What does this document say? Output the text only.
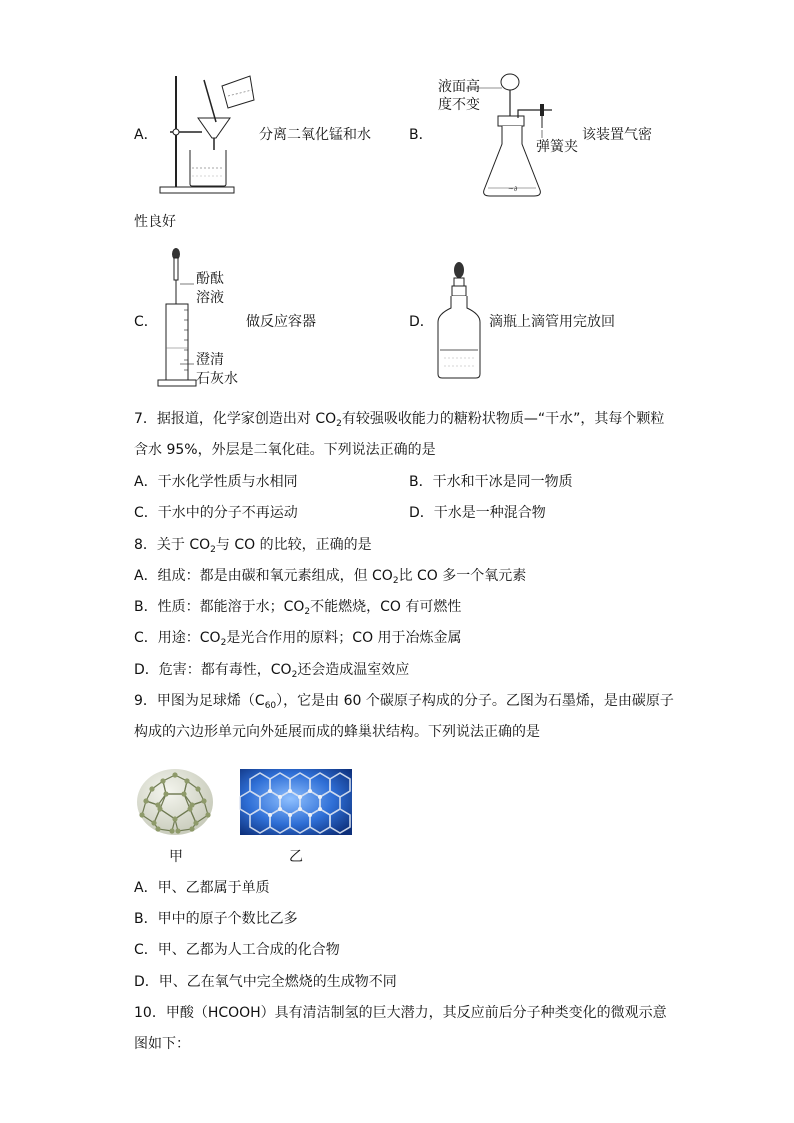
A．	分离二氧化锰和水	B．
液面高
度不变
~∂
弹簧夹
该装置气密
性良好
C．
酚酞
溶液
澄清
石灰水
做反应容器	D．	滴瓶上滴管用完放回
7．据报道，化学家创造出对 $CO_2$有较强吸收能力的糖粉状物质—“干水”，其每个颗粒
含水 95%，外层是二氧化硅。下列说法正确的是
A．干水化学性质与水相同	B．干水和干冰是同一物质
C．干水中的分子不再运动	D．干水是一种混合物
8．关于 $CO_2$与 CO 的比较，正确的是
A．组成：都是由碳和氧元素组成，但 $CO_2$比 CO 多一个氧元素
B．性质：都能溶于水；$CO_2$不能燃烧，CO 有可燃性
C．用途：$CO_2$是光合作用的原料；CO 用于冶炼金属
D．危害：都有毒性，$CO_2$还会造成温室效应
9．甲图为足球烯$(C_{60})$，它是由 60 个碳原子构成的分子。乙图为石墨烯，是由碳原子
构成的六边形单元向外延展而成的蜂巢状结构。下列说法正确的是
甲	乙
A．甲、乙都属于单质
B．甲中的原子个数比乙多
C．甲、乙都为人工合成的化合物
D．甲、乙在氧气中完全燃烧的生成物不同
10．甲酸（HCOOH）具有清洁制氢的巨大潜力，其反应前后分子种类变化的微观示意
图如下：
